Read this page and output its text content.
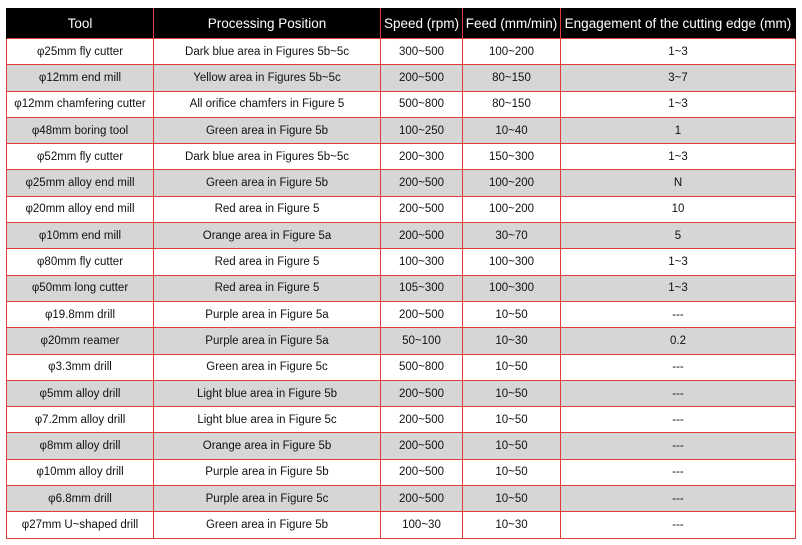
Tool	Processing Position	Speed (rpm)	Feed (mm/min)	Engagement of the cutting edge (mm)
φ25mm fly cutter	Dark blue area in Figures 5b~5c	300~500	100~200	1~3
φ12mm end mill	Yellow area in Figures 5b~5c	200~500	80~150	3~7
φ12mm chamfering cutter	All orifice chamfers in Figure 5	500~800	80~150	1~3
φ48mm boring tool	Green area in Figure 5b	100~250	10~40	1
φ52mm fly cutter	Dark blue area in Figures 5b~5c	200~300	150~300	1~3
φ25mm alloy end mill	Green area in Figure 5b	200~500	100~200	N
φ20mm alloy end mill	Red area in Figure 5	200~500	100~200	10
φ10mm end mill	Orange area in Figure 5a	200~500	30~70	5
φ80mm fly cutter	Red area in Figure 5	100~300	100~300	1~3
φ50mm long cutter	Red area in Figure 5	105~300	100~300	1~3
φ19.8mm drill	Purple area in Figure 5a	200~500	10~50	---
φ20mm reamer	Purple area in Figure 5a	50~100	10~30	0.2
φ3.3mm drill	Green area in Figure 5c	500~800	10~50	---
φ5mm alloy drill	Light blue area in Figure 5b	200~500	10~50	---
φ7.2mm alloy drill	Light blue area in Figure 5c	200~500	10~50	---
φ8mm alloy drill	Orange area in Figure 5b	200~500	10~50	---
φ10mm alloy drill	Purple area in Figure 5b	200~500	10~50	---
φ6.8mm drill	Purple area in Figure 5c	200~500	10~50	---
φ27mm U~shaped drill	Green area in Figure 5b	100~30	10~30	---
